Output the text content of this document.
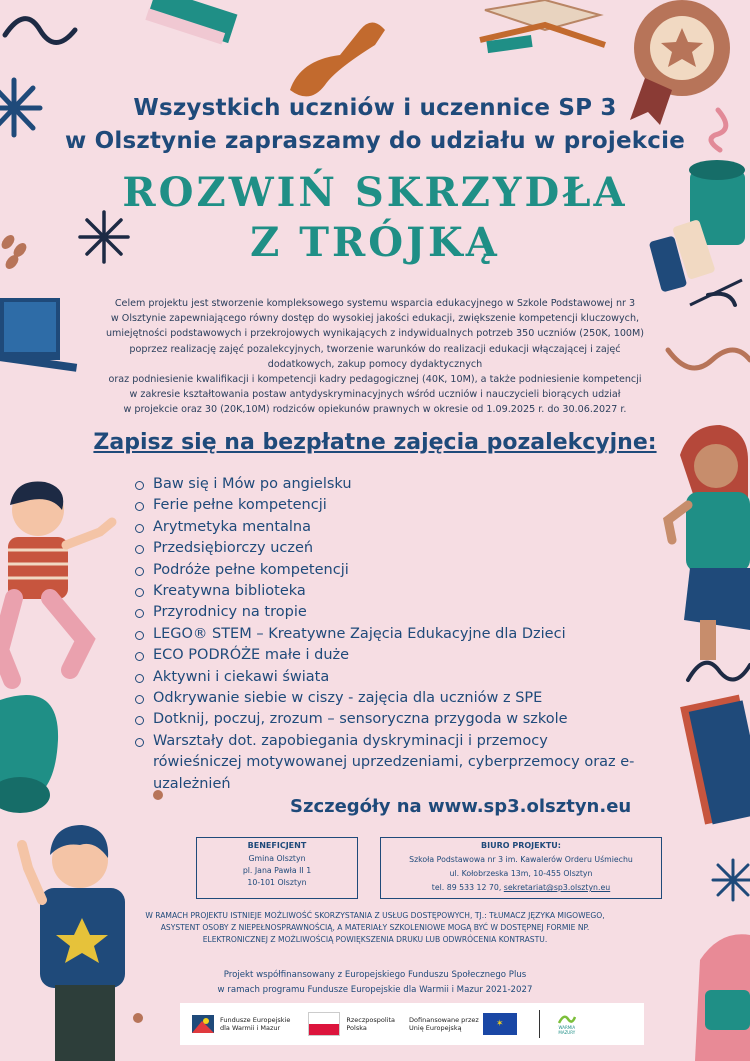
Wszystkich uczniów i uczennice SP 3
w Olsztynie zapraszamy do udziału w projekcie
ROZWIŃ SKRZYDŁA
Z TRÓJKĄ
Celem projektu jest stworzenie kompleksowego systemu wsparcia edukacyjnego w Szkole Podstawowej nr 3
w Olsztynie zapewniającego równy dostęp do wysokiej jakości edukacji, zwiększenie kompetencji kluczowych,
umiejętności podstawowych i przekrojowych wynikających z indywidualnych potrzeb 350 uczniów (250K, 100M)
poprzez realizację zajęć pozalekcyjnych, tworzenie warunków do realizacji edukacji włączającej i zajęć
dodatkowych, zakup pomocy dydaktycznych
oraz podniesienie kwalifikacji i kompetencji kadry pedagogicznej (40K, 10M), a także podniesienie kompetencji
w zakresie kształtowania postaw antydyskryminacyjnych wśród uczniów i nauczycieli biorących udział
w projekcie oraz 30 (20K,10M) rodziców opiekunów prawnych w okresie od 1.09.2025 r. do 30.06.2027 r.
Zapisz się na bezpłatne zajęcia pozalekcyjne:
Baw się i Mów po angielsku
Ferie pełne kompetencji
Arytmetyka mentalna
Przedsiębiorczy uczeń
Podróże pełne kompetencji
Kreatywna biblioteka
Przyrodnicy na tropie
LEGO® STEM – Kreatywne Zajęcia Edukacyjne dla Dzieci
ECO PODRÓŻE małe i duże
Aktywni i ciekawi świata
Odkrywanie siebie w ciszy - zajęcia dla uczniów z SPE
Dotknij, poczuj, zrozum – sensoryczna przygoda w szkole
Warształy dot. zapobiegania dyskryminacji i przemocy rówieśniczej motywowanej uprzedzeniami, cyberprzemocy oraz e-uzależnień
Szczegóły na www.sp3.olsztyn.eu
BENEFICJENT
Gmina Olsztyn
pl. Jana Pawła II 1
10-101 Olsztyn
BIURO PROJEKTU:
Szkoła Podstawowa nr 3 im. Kawalerów Orderu Uśmiechu
ul. Kołobrzeska 13m, 10-455 Olsztyn
tel. 89 533 12 70, sekretariat@sp3.olsztyn.eu
W RAMACH PROJEKTU ISTNIEJE MOŻLIWOŚĆ SKORZYSTANIA Z USŁUG DOSTĘPOWYCH, TJ.: TŁUMACZ JĘZYKA MIGOWEGO, ASYSTENT OSOBY Z NIEPEŁNOSPRAWNOŚCIĄ, A MATERIAŁY SZKOLENIOWE MOGĄ BYĆ W DOSTĘPNEJ FORMIE NP. ELEKTRONICZNEJ Z MOŻLIWOŚCIĄ POWIĘKSZENIA DRUKU LUB ODWRÓCENIA KONTRASTU.
Projekt współfinansowany z Europejskiego Funduszu Społecznego Plus
w ramach programu Fundusze Europejskie dla Warmii i Mazur 2021-2027
Fundusze Europejskie
dla Warmii i Mazur
Rzeczpospolita
Polska
Dofinansowane przez
Unię Europejską	✶	WARMIA
MAZURY
